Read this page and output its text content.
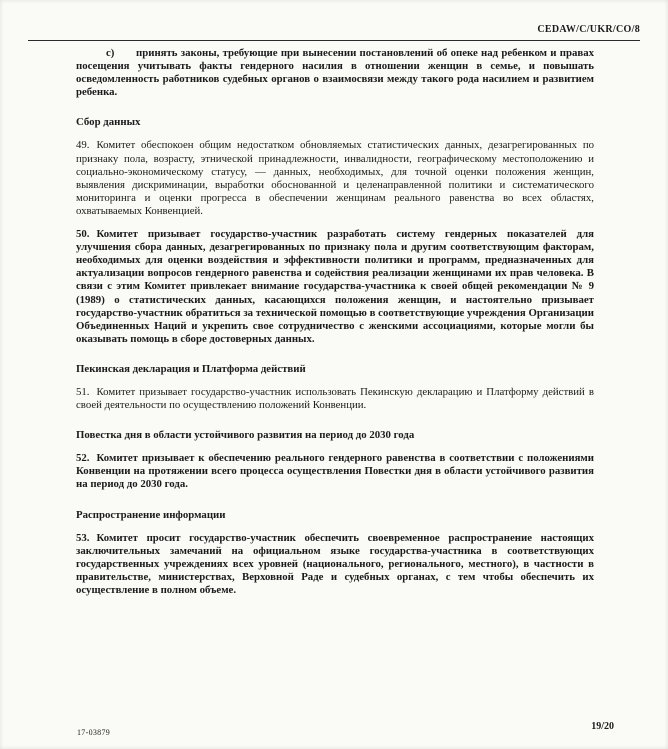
CEDAW/C/UKR/CO/8

с) принять законы, требующие при вынесении постановлений об опеке над ребенком и правах посещения учитывать факты гендерного насилия в отношении женщин в семье, и повышать осведомленность работников судебных органов о взаимосвязи между такого рода насилием и развитием ребенка.

Сбор данных

49. Комитет обеспокоен общим недостатком обновляемых статистических данных, дезагрегированных по признаку пола, возрасту, этнической принадлежности, инвалидности, географическому местоположению и социально-экономическому статусу, — данных, необходимых, для точной оценки положения женщин, выявления дискриминации, выработки обоснованной и целенаправленной политики и систематического мониторинга и оценки прогресса в обеспечении женщинам реального равенства во всех областях, охватываемых Конвенцией.

50. Комитет призывает государство-участник разработать систему гендерных показателей для улучшения сбора данных, дезагрегированных по признаку пола и другим соответствующим факторам, необходимых для оценки воздействия и эффективности политики и программ, предназначенных для актуализации вопросов гендерного равенства и содействия реализации женщинами их прав человека. В связи с этим Комитет привлекает внимание государства-участника к своей общей рекомендации № 9 (1989) о статистических данных, касающихся положения женщин, и настоятельно призывает государство-участник обратиться за технической помощью в соответствующие учреждения Организации Объединенных Наций и укрепить свое сотрудничество с женскими ассоциациями, которые могли бы оказывать помощь в сборе достоверных данных.

Пекинская декларация и Платформа действий

51. Комитет призывает государство-участник использовать Пекинскую декларацию и Платформу действий в своей деятельности по осуществлению положений Конвенции.

Повестка дня в области устойчивого развития на период до 2030 года

52. Комитет призывает к обеспечению реального гендерного равенства в соответствии с положениями Конвенции на протяжении всего процесса осуществления Повестки дня в области устойчивого развития на период до 2030 года.

Распространение информации

53. Комитет просит государство-участник обеспечить своевременное распространение настоящих заключительных замечаний на официальном языке государства-участника в соответствующих государственных учреждениях всех уровней (национального, регионального, местного), в частности в правительстве, министерствах, Верховной Раде и судебных органах, с тем чтобы обеспечить их осуществление в полном объеме.

17-03879
19/20
